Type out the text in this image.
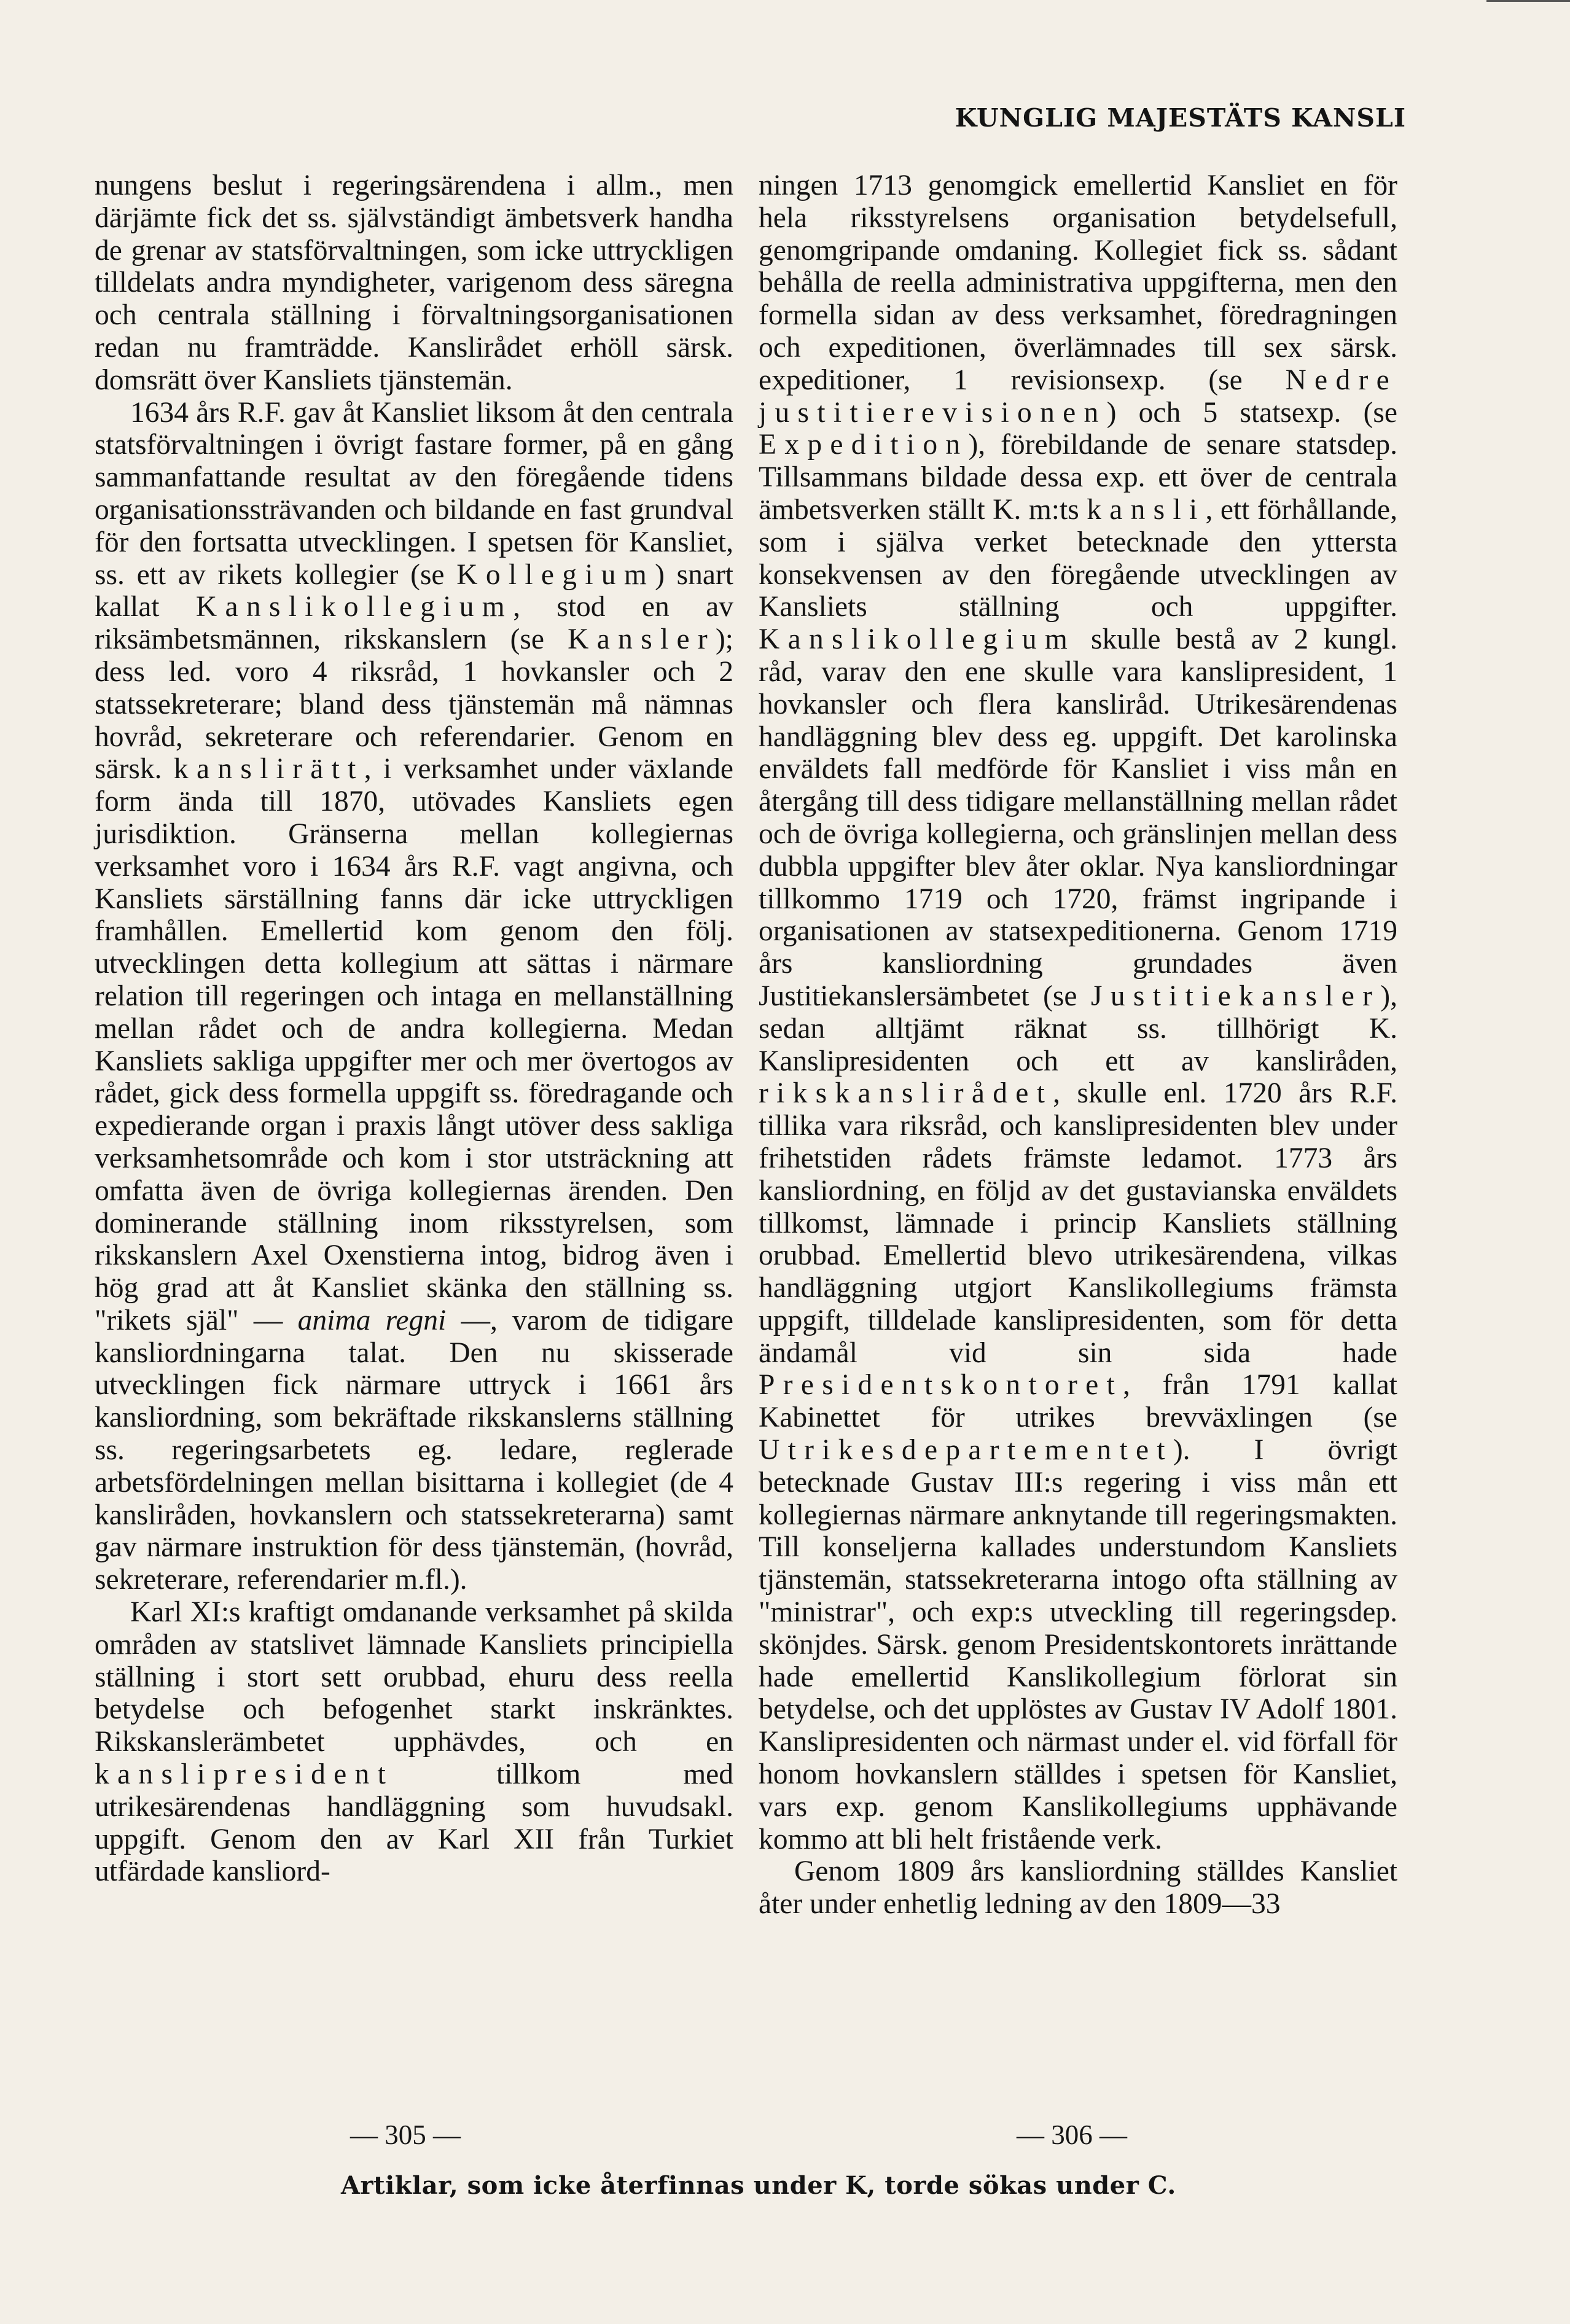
KUNGLIG MAJESTÄTS KANSLI

nungens beslut i regeringsärendena i allm., men därjämte fick det ss. självständigt ämbetsverk handha de grenar av statsförvaltningen, som icke uttryckligen tilldelats andra myndigheter, varigenom dess säregna och centrala ställning i förvaltningsorganisationen redan nu framträdde. Kanslirådet erhöll särsk. domsrätt över Kansliets tjänstemän.

1634 års R.F. gav åt Kansliet liksom åt den centrala statsförvaltningen i övrigt fastare former, på en gång sammanfattande resultat av den föregående tidens organisationssträvanden och bildande en fast grundval för den fortsatta utvecklingen. I spetsen för Kansliet, ss. ett av rikets kollegier (se Kollegium) snart kallat Kanslikollegium, stod en av riksämbetsmännen, rikskanslern (se Kansler); dess led. voro 4 riksråd, 1 hovkansler och 2 statssekreterare; bland dess tjänstemän må nämnas hovråd, sekreterare och referendarier. Genom en särsk. kanslirätt, i verksamhet under växlande form ända till 1870, utövades Kansliets egen jurisdiktion. Gränserna mellan kollegiernas verksamhet voro i 1634 års R.F. vagt angivna, och Kansliets särställning fanns där icke uttryckligen framhållen. Emellertid kom genom den följ. utvecklingen detta kollegium att sättas i närmare relation till regeringen och intaga en mellanställning mellan rådet och de andra kollegierna. Medan Kansliets sakliga uppgifter mer och mer övertogos av rådet, gick dess formella uppgift ss. föredragande och expedierande organ i praxis långt utöver dess sakliga verksamhetsområde och kom i stor utsträckning att omfatta även de övriga kollegiernas ärenden. Den dominerande ställning inom riksstyrelsen, som rikskanslern Axel Oxenstierna intog, bidrog även i hög grad att åt Kansliet skänka den ställning ss. "rikets själ" — anima regni —, varom de tidigare kansliordningarna talat. Den nu skisserade utvecklingen fick närmare uttryck i 1661 års kansliordning, som bekräftade rikskanslerns ställning ss. regeringsarbetets eg. ledare, reglerade arbetsfördelningen mellan bisittarna i kollegiet (de 4 kansliråden, hovkanslern och statssekreterarna) samt gav närmare instruktion för dess tjänstemän, (hovråd, sekreterare, referendarier m.fl.).

Karl XI:s kraftigt omdanande verksamhet på skilda områden av statslivet lämnade Kansliets principiella ställning i stort sett orubbad, ehuru dess reella betydelse och befogenhet starkt inskränktes. Rikskanslerämbetet upphävdes, och en kanslipresident tillkom med utrikesärendenas handläggning som huvudsakl. uppgift. Genom den av Karl XII från Turkiet utfärdade kansliord-

ningen 1713 genomgick emellertid Kansliet en för hela riksstyrelsens organisation betydelsefull, genomgripande omdaning. Kollegiet fick ss. sådant behålla de reella administrativa uppgifterna, men den formella sidan av dess verksamhet, föredragningen och expeditionen, överlämnades till sex särsk. expeditioner, 1 revisionsexp. (se Nedre justitierevisionen) och 5 statsexp. (se Expedition), förebildande de senare statsdep. Tillsammans bildade dessa exp. ett över de centrala ämbetsverken ställt K. m:ts kansli, ett förhållande, som i själva verket betecknade den yttersta konsekvensen av den föregående utvecklingen av Kansliets ställning och uppgifter. Kanslikollegium skulle bestå av 2 kungl. råd, varav den ene skulle vara kanslipresident, 1 hovkansler och flera kansliråd. Utrikesärendenas handläggning blev dess eg. uppgift. Det karolinska enväldets fall medförde för Kansliet i viss mån en återgång till dess tidigare mellanställning mellan rådet och de övriga kollegierna, och gränslinjen mellan dess dubbla uppgifter blev åter oklar. Nya kansliordningar tillkommo 1719 och 1720, främst ingripande i organisationen av statsexpeditionerna. Genom 1719 års kansliordning grundades även Justitiekanslersämbetet (se Justitiekansler), sedan alltjämt räknat ss. tillhörigt K. Kanslipresidenten och ett av kansliråden, rikskanslirådet, skulle enl. 1720 års R.F. tillika vara riksråd, och kanslipresidenten blev under frihetstiden rådets främste ledamot. 1773 års kansliordning, en följd av det gustavianska enväldets tillkomst, lämnade i princip Kansliets ställning orubbad. Emellertid blevo utrikesärendena, vilkas handläggning utgjort Kanslikollegiums främsta uppgift, tilldelade kanslipresidenten, som för detta ändamål vid sin sida hade Presidentskontoret, från 1791 kallat Kabinettet för utrikes brevväxlingen (se Utrikesdepartementet). I övrigt betecknade Gustav III:s regering i viss mån ett kollegiernas närmare anknytande till regeringsmakten. Till konseljerna kallades understundom Kansliets tjänstemän, statssekreterarna intogo ofta ställning av "ministrar", och exp:s utveckling till regeringsdep. skönjdes. Särsk. genom Presidentskontorets inrättande hade emellertid Kanslikollegium förlorat sin betydelse, och det upplöstes av Gustav IV Adolf 1801. Kanslipresidenten och närmast under el. vid förfall för honom hovkanslern ställdes i spetsen för Kansliet, vars exp. genom Kanslikollegiums upphävande kommo att bli helt fristående verk.

Genom 1809 års kansliordning ställdes Kansliet åter under enhetlig ledning av den 1809—33

— 305 —	— 306 —
Artiklar, som icke återfinnas under K, torde sökas under C.
